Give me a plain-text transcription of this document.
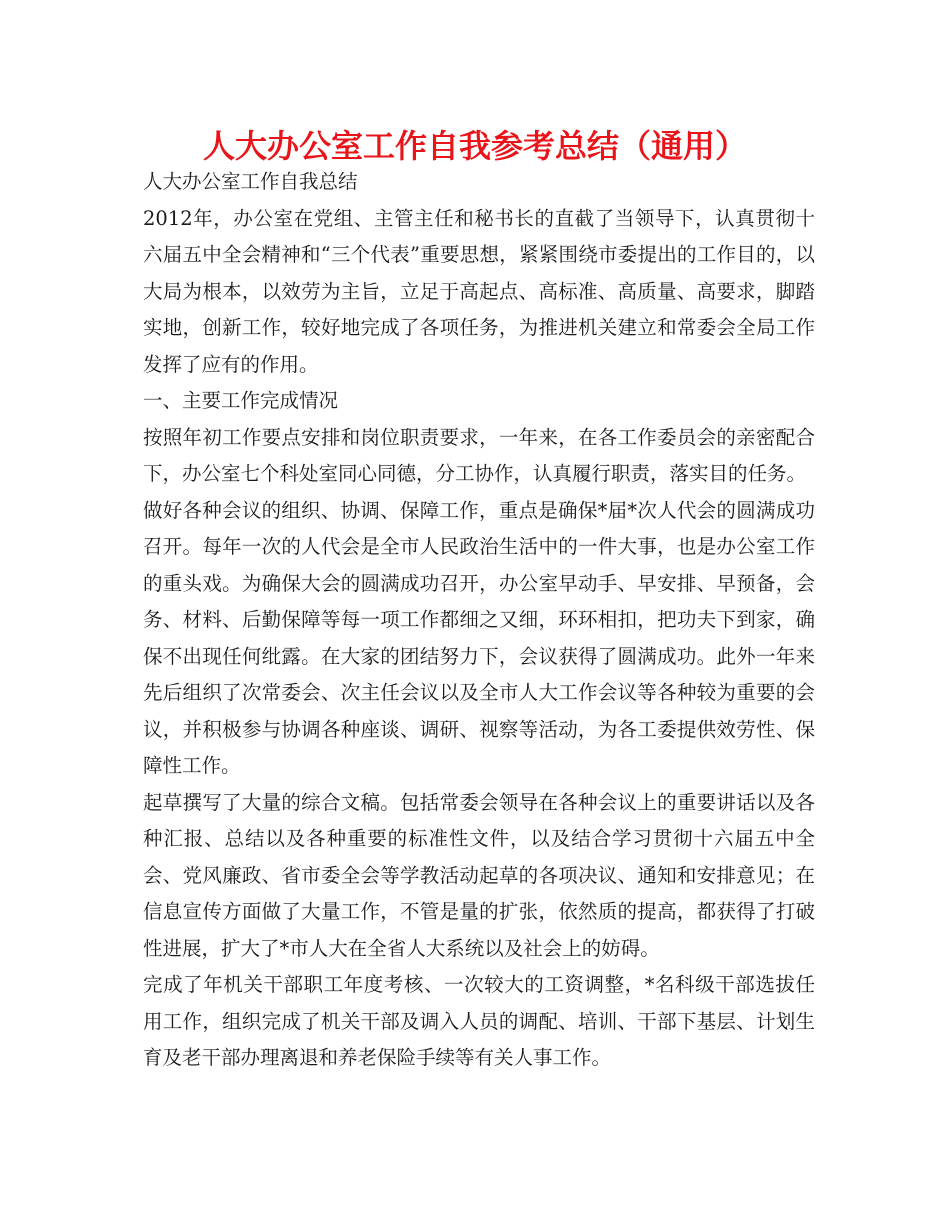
人大办公室工作自我参考总结（通用）

人大办公室工作自我总结

2012年，办公室在党组、主管主任和秘书长的直截了当领导下，认真贯彻十六届五中全会精神和“三个代表”重要思想，紧紧围绕市委提出的工作目的，以大局为根本，以效劳为主旨，立足于高起点、高标准、高质量、高要求，脚踏实地，创新工作，较好地完成了各项任务，为推进机关建立和常委会全局工作发挥了应有的作用。

一、主要工作完成情况

按照年初工作要点安排和岗位职责要求，一年来，在各工作委员会的亲密配合下，办公室七个科处室同心同德，分工协作，认真履行职责，落实目的任务。

做好各种会议的组织、协调、保障工作，重点是确保*届*次人代会的圆满成功召开。每年一次的人代会是全市人民政治生活中的一件大事，也是办公室工作的重头戏。为确保大会的圆满成功召开，办公室早动手、早安排、早预备，会务、材料、后勤保障等每一项工作都细之又细，环环相扣，把功夫下到家，确保不出现任何纰露。在大家的团结努力下，会议获得了圆满成功。此外一年来先后组织了次常委会、次主任会议以及全市人大工作会议等各种较为重要的会议，并积极参与协调各种座谈、调研、视察等活动，为各工委提供效劳性、保障性工作。

起草撰写了大量的综合文稿。包括常委会领导在各种会议上的重要讲话以及各种汇报、总结以及各种重要的标准性文件，以及结合学习贯彻十六届五中全会、党风廉政、省市委全会等学教活动起草的各项决议、通知和安排意见；在信息宣传方面做了大量工作，不管是量的扩张，依然质的提高，都获得了打破性进展，扩大了*市人大在全省人大系统以及社会上的妨碍。

完成了年机关干部职工年度考核、一次较大的工资调整，*名科级干部选拔任用工作，组织完成了机关干部及调入人员的调配、培训、干部下基层、计划生育及老干部办理离退和养老保险手续等有关人事工作。
